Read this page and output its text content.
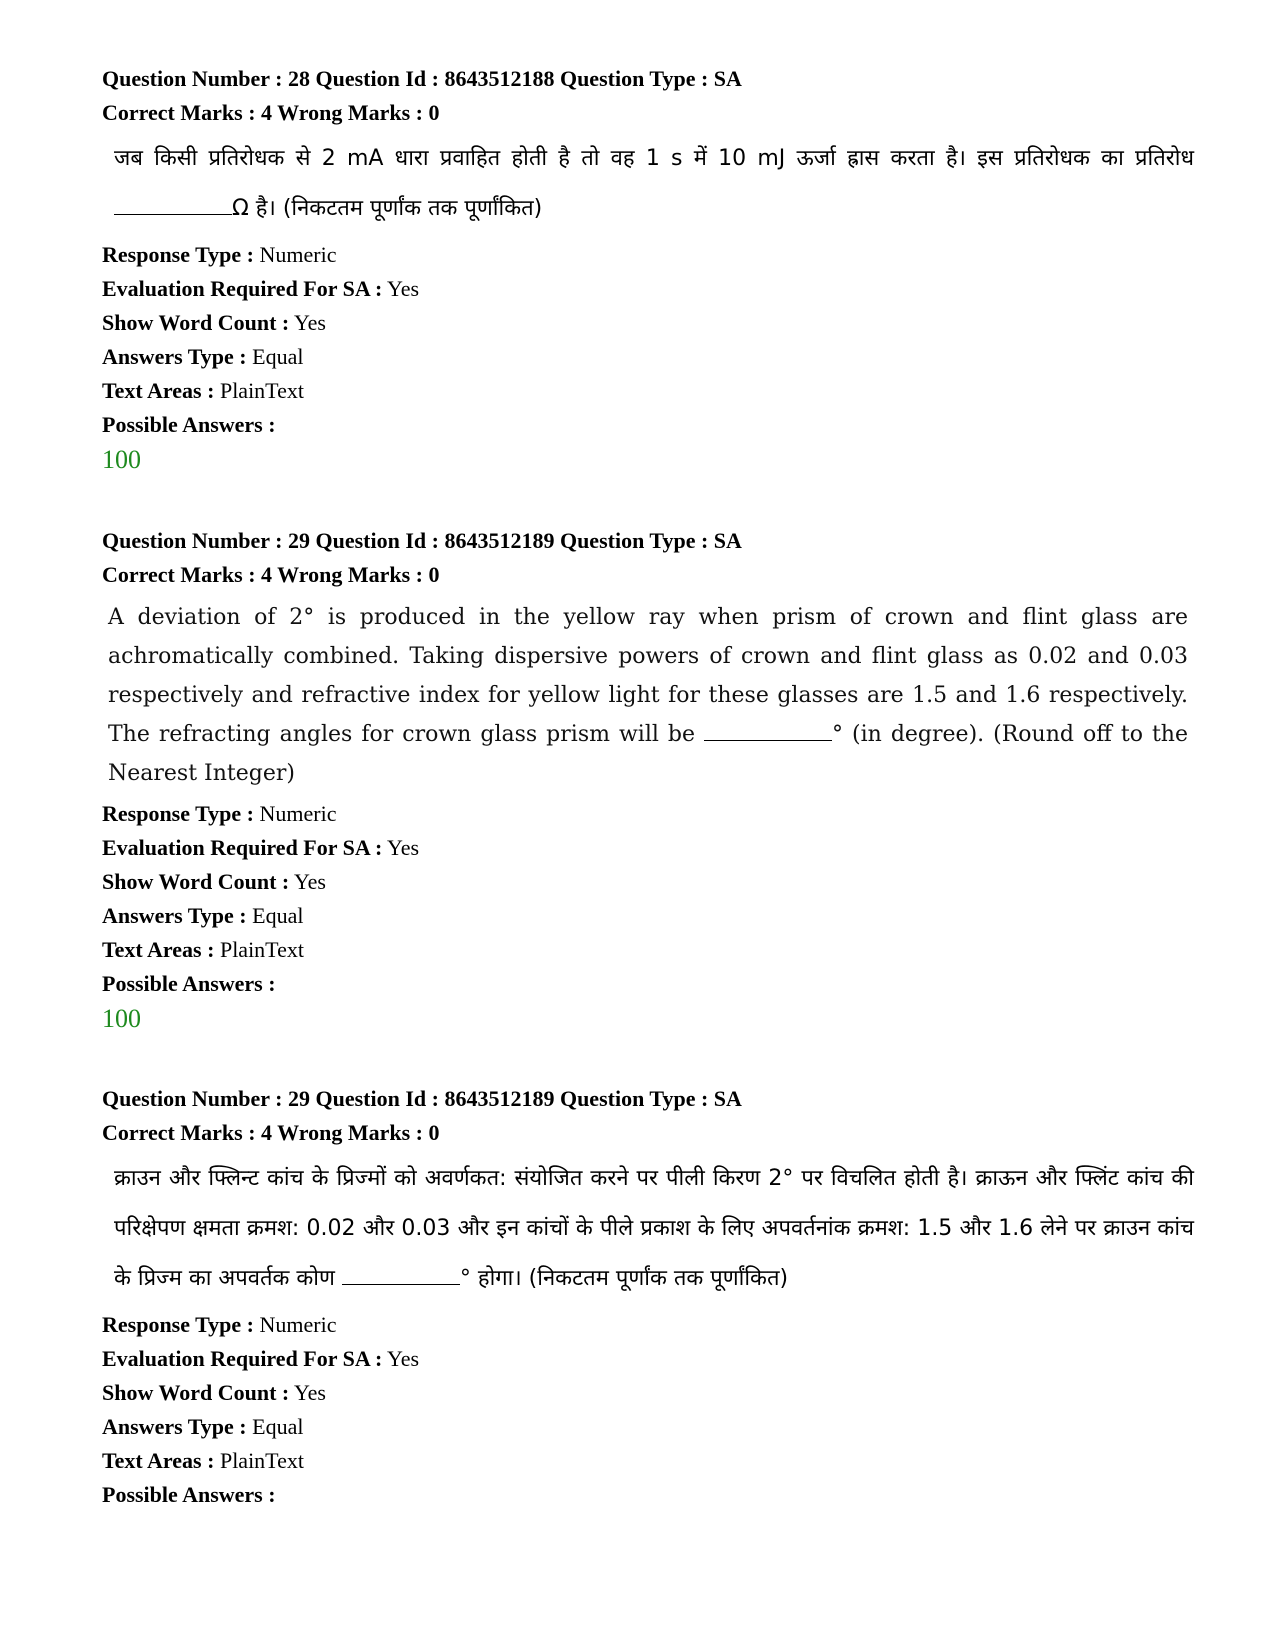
Question Number : 28 Question Id : 8643512188 Question Type : SA
Correct Marks : 4 Wrong Marks : 0
जब किसी प्रतिरोधक से 2 mA धारा प्रवाहित होती है तो वह 1 s में 10 mJ ऊर्जा ह्रास करता है। इस प्रतिरोधक का प्रतिरोध Ω है। (निकटतम पूर्णांक तक पूर्णांकित)
Response Type : Numeric
Evaluation Required For SA : Yes
Show Word Count : Yes
Answers Type : Equal
Text Areas : PlainText
Possible Answers :
100
Question Number : 29 Question Id : 8643512189 Question Type : SA
Correct Marks : 4 Wrong Marks : 0
A deviation of 2° is produced in the yellow ray when prism of crown and flint glass are achromatically combined. Taking dispersive powers of crown and flint glass as 0.02 and 0.03 respectively and refractive index for yellow light for these glasses are 1.5 and 1.6 respectively. The refracting angles for crown glass prism will be	° (in degree). (Round off to the Nearest Integer)
Response Type : Numeric
Evaluation Required For SA : Yes
Show Word Count : Yes
Answers Type : Equal
Text Areas : PlainText
Possible Answers :
100
Question Number : 29 Question Id : 8643512189 Question Type : SA
Correct Marks : 4 Wrong Marks : 0
क्राउन और फ्लिन्ट कांच के प्रिज्मों को अवर्णकत: संयोजित करने पर पीली किरण 2° पर विचलित होती है। क्राऊन और फ्लिंट कांच की परिक्षेपण क्षमता क्रमश: 0.02 और 0.03 और इन कांचों के पीले प्रकाश के लिए अपवर्तनांक क्रमश: 1.5 और 1.6 लेने पर क्राउन कांच के प्रिज्म का अपवर्तक कोण	° होगा। (निकटतम पूर्णांक तक पूर्णांकित)
Response Type : Numeric
Evaluation Required For SA : Yes
Show Word Count : Yes
Answers Type : Equal
Text Areas : PlainText
Possible Answers :
